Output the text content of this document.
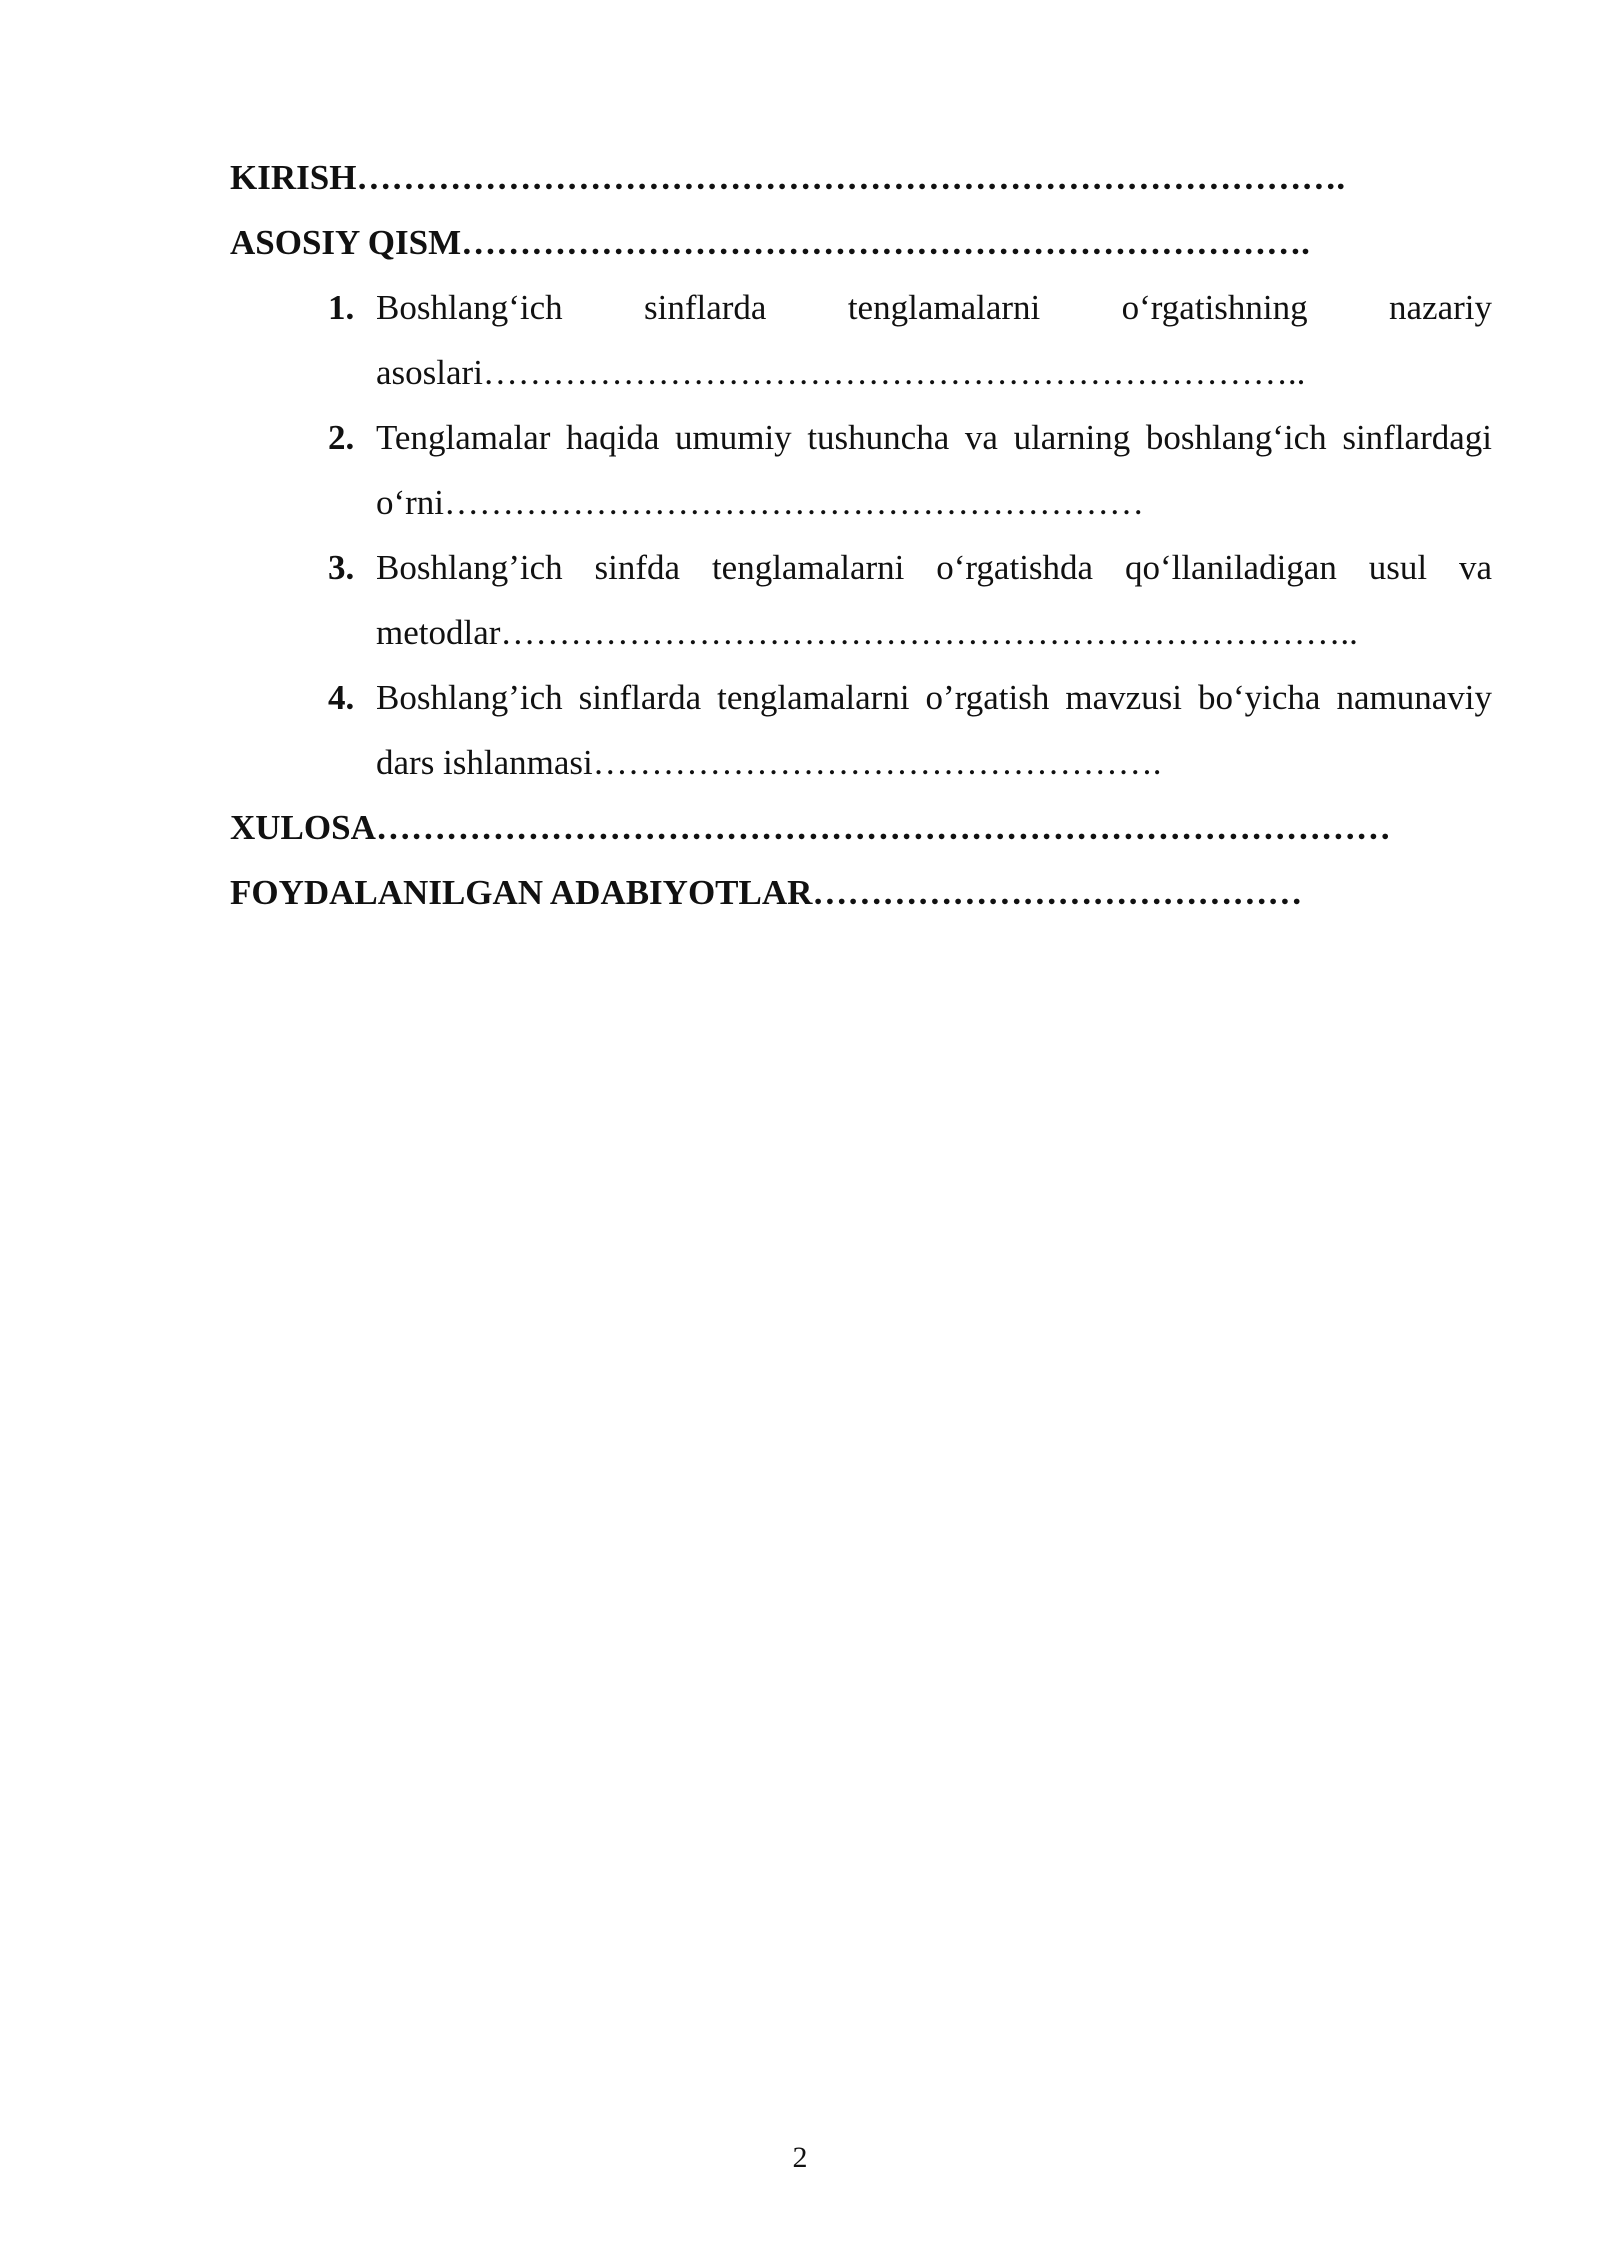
KIRISH………………………………………………………………………….

ASOSIY QISM……………………………………………………………….

1. Boshlang‘ich sinflarda tenglamalarni o‘rgatishning nazariy asoslari……………………………………………………………..
2. Tenglamalar haqida umumiy tushuncha va ularning boshlang‘ich sinflardagi o‘rni……………………………………………………
3. Boshlang’ich sinfda tenglamalarni o‘rgatishda qo‘llaniladigan usul va metodlar………………………………………………………………..
4. Boshlang’ich sinflarda tenglamalarni o’rgatish mavzusi bo‘yicha namunaviy dars ishlanmasi………………………………………….

XULOSA……………………………………………………………………………

FOYDALANILGAN ADABIYOTLAR……………………………………

2
